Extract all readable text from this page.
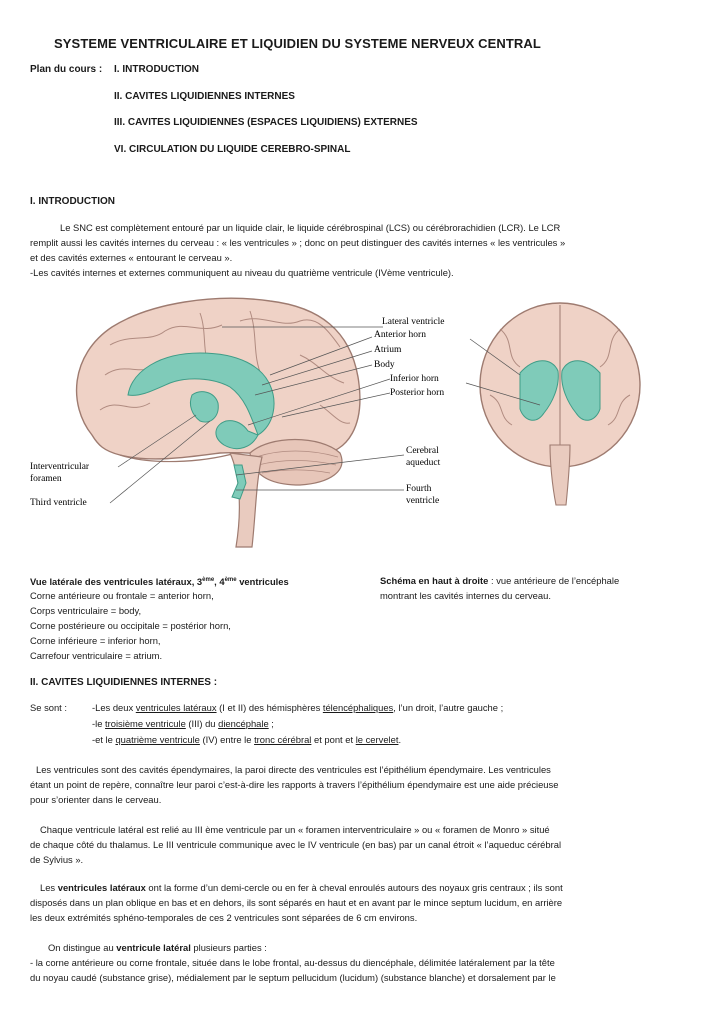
SYSTEME VENTRICULAIRE ET LIQUIDIEN DU SYSTEME NERVEUX CENTRAL
Plan du cours : I. INTRODUCTION
II. CAVITES LIQUIDIENNES INTERNES
III. CAVITES LIQUIDIENNES (ESPACES LIQUIDIENS) EXTERNES
VI. CIRCULATION DU LIQUIDE CEREBRO-SPINAL
I. INTRODUCTION
Le SNC est complètement entouré par un liquide clair, le liquide cérébrospinal (LCS) ou cérébrorachidien (LCR). Le LCR
remplit aussi les cavités internes du cerveau : « les ventricules » ; donc on peut distinguer des cavités internes « les ventricules »
et des cavités externes « entourant le cerveau ».
-Les cavités internes et externes communiquent au niveau du quatrième ventricule (IVème ventricule).
Lateral ventricle
Anterior horn
Atrium
Body
Inferior horn
Posterior horn
Cerebral
aqueduct
Interventricular
foramen
Third ventricle
Fourth
ventricle
Vue latérale des ventricules latéraux, 3ème, 4ème ventricules
Corne antérieure ou frontale = anterior horn,
Corps ventriculaire = body,
Corne postérieure ou occipitale = postérior horn,
Corne inférieure = inferior horn,
Carrefour ventriculaire = atrium.
Schéma en haut à droite : vue antérieure de l’encéphale
montrant les cavités internes du cerveau.
II. CAVITES LIQUIDIENNES INTERNES :
Se sont :	-Les deux ventricules latéraux (I et II) des hémisphères télencéphaliques, l’un droit, l’autre gauche ;
-le troisième ventricule (III) du diencéphale ;
-et le quatrième ventricule (IV) entre le tronc cérébral et pont et le cervelet.
Les ventricules sont des cavités épendymaires, la paroi directe des ventricules est l’épithélium épendymaire. Les ventricules
étant un point de repère, connaître leur paroi c’est-à-dire les rapports à travers l’épithélium épendymaire est une aide précieuse
pour s’orienter dans le cerveau.
Chaque ventricule latéral est relié au III ème ventricule par un « foramen interventriculaire » ou « foramen de Monro » situé
de chaque côté du thalamus. Le III ventricule communique avec le IV ventricule (en bas) par un canal étroit « l’aqueduc cérébral
de Sylvius ».
Les ventricules latéraux ont la forme d’un demi-cercle ou en fer à cheval enroulés autours des noyaux gris centraux ; ils sont
disposés dans un plan oblique en bas et en dehors, ils sont séparés en haut et en avant par le mince septum lucidum, en arrière
les deux extrémités sphéno-temporales de ces 2 ventricules sont séparées de 6 cm environs.
On distingue au ventricule latéral plusieurs parties :
- la corne antérieure ou corne frontale, située dans le lobe frontal, au-dessus du diencéphale, délimitée latéralement par la tête
du noyau caudé (substance grise), médialement par le septum pellucidum (lucidum) (substance blanche) et dorsalement par le
